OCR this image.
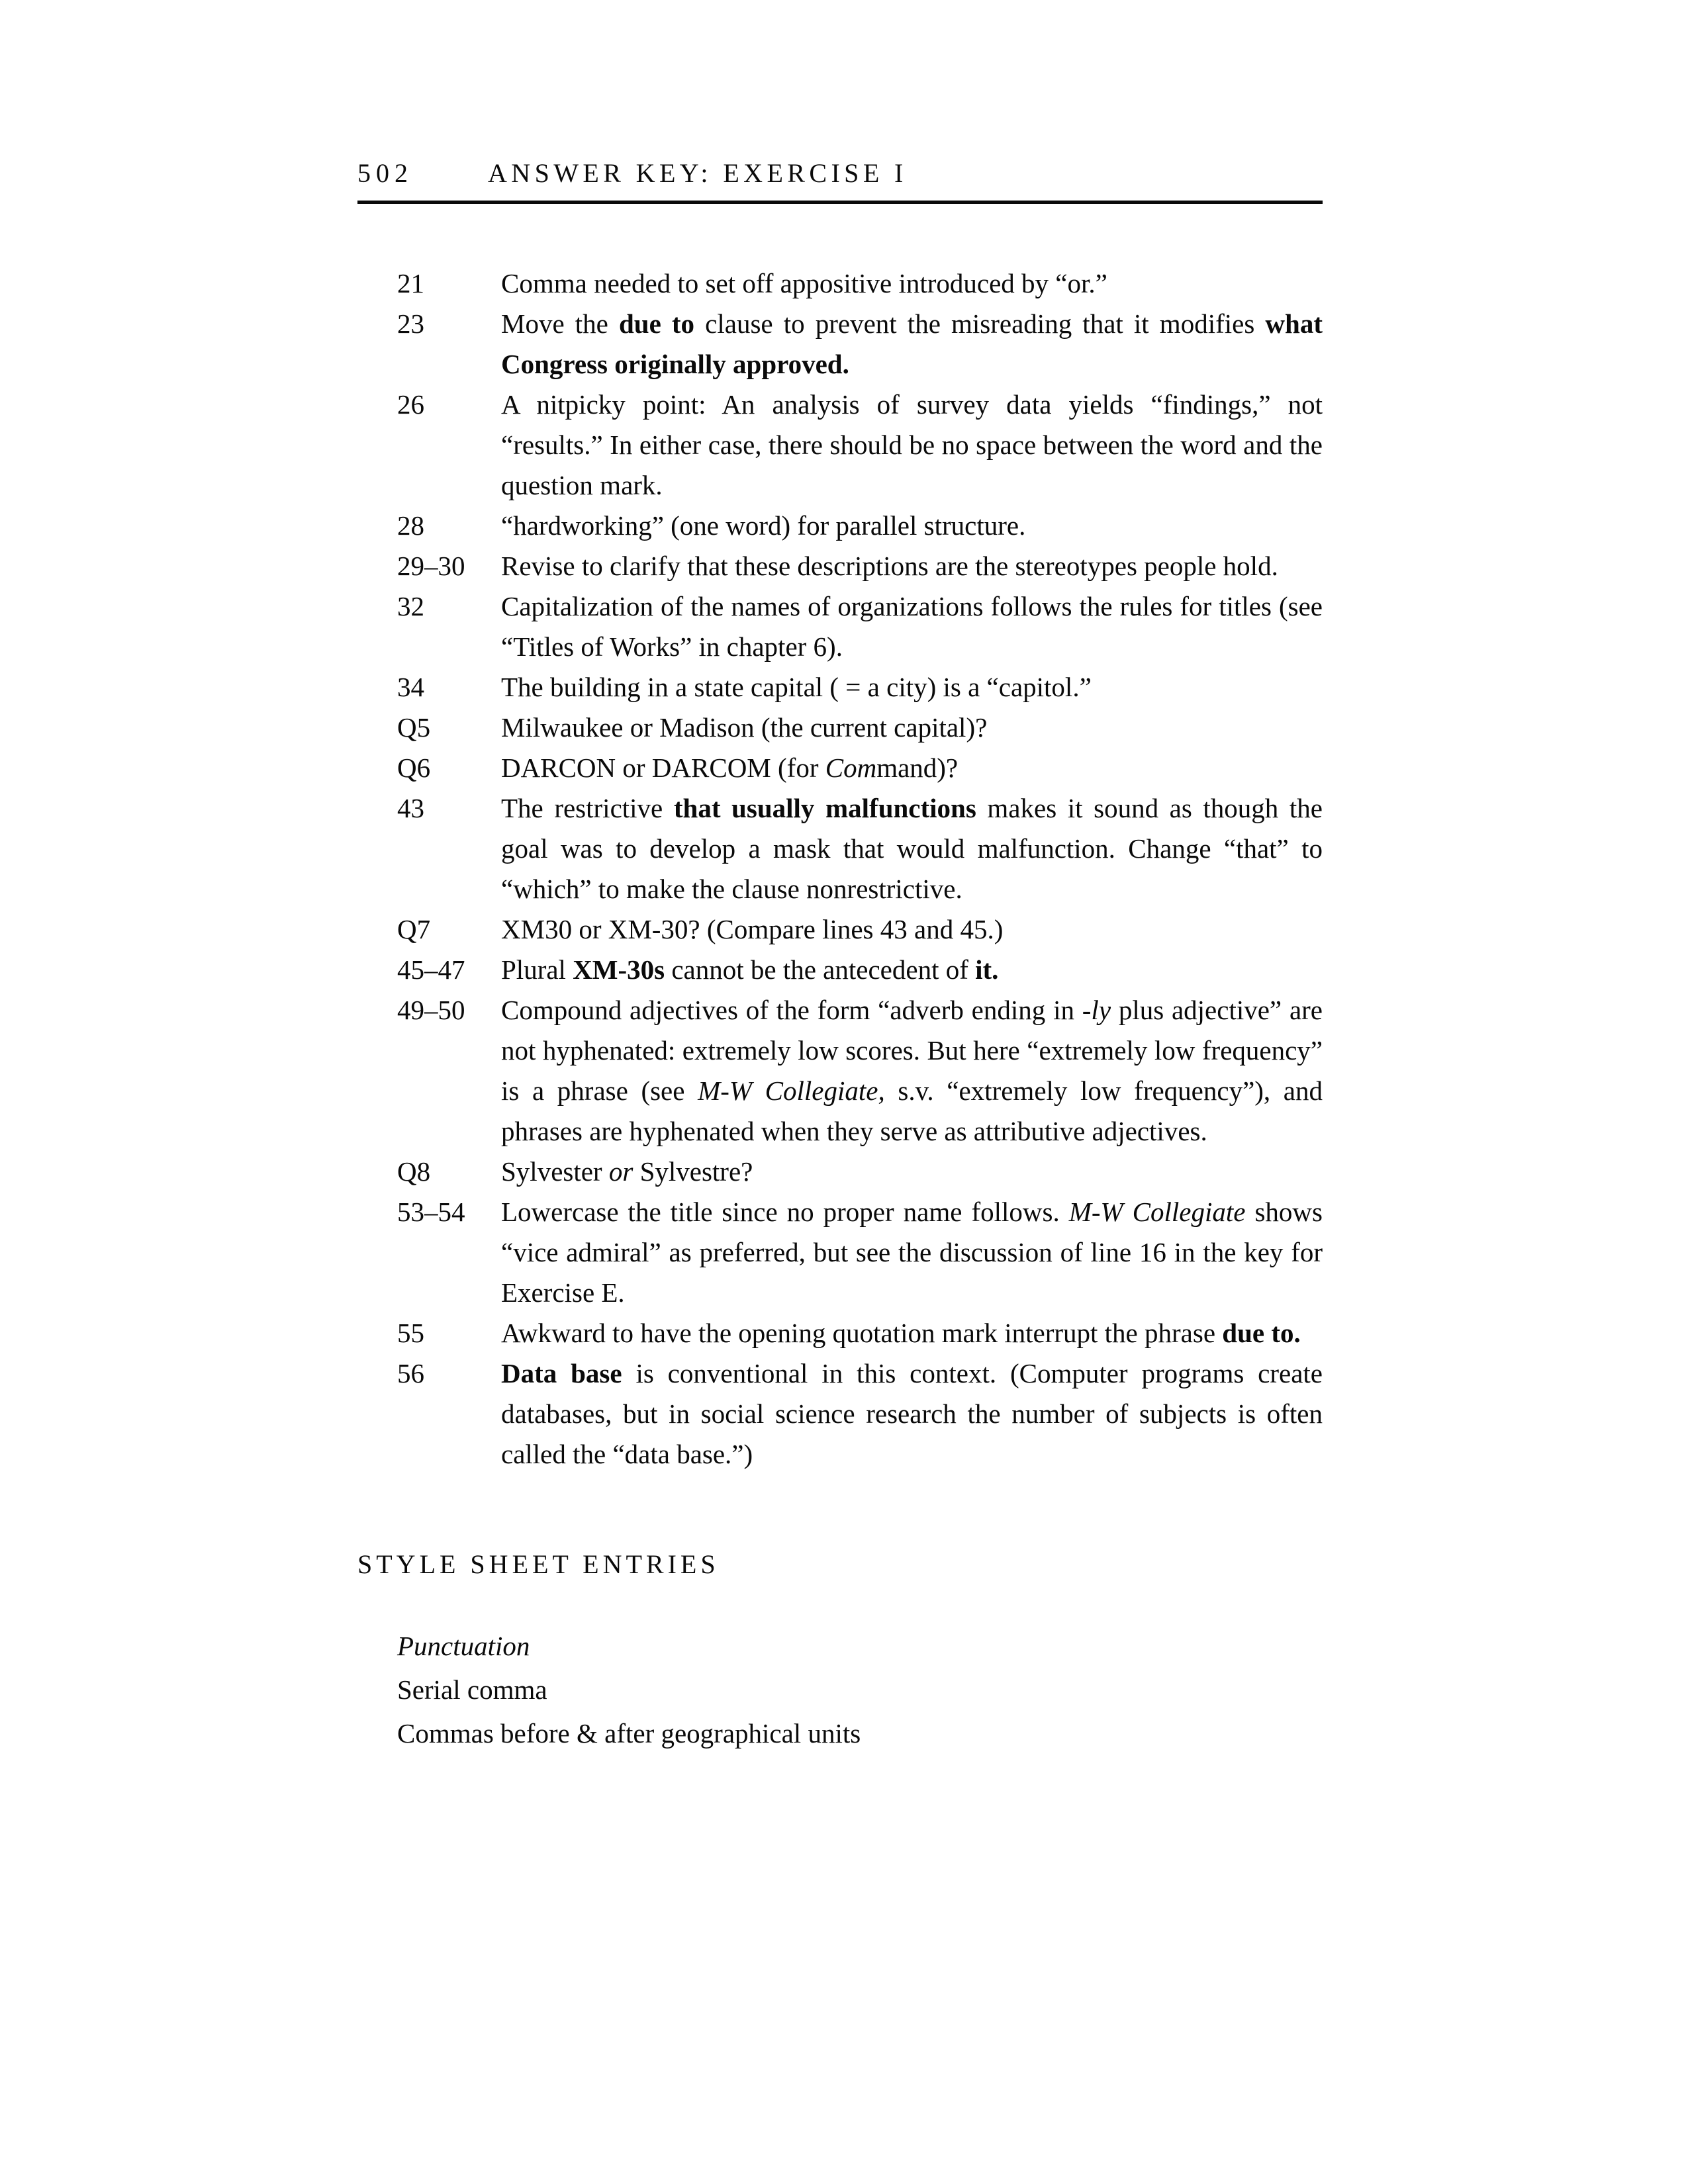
502	ANSWER KEY: EXERCISE I
21	Comma needed to set off appositive introduced by “or.”

23	Move the due to clause to prevent the misreading that it modifies what Congress originally approved.

26	A nitpicky point: An analysis of survey data yields “findings,” not “results.” In either case, there should be no space between the word and the question mark.

28	“hardworking” (one word) for parallel structure.

29–30	Revise to clarify that these descriptions are the stereotypes people hold.

32	Capitalization of the names of organizations follows the rules for titles (see “Titles of Works” in chapter 6).

34	The building in a state capital ( = a city) is a “capitol.”

Q5	Milwaukee or Madison (the current capital)?

Q6	DARCON or DARCOM (for Command)?

43	The restrictive that usually malfunctions makes it sound as though the goal was to develop a mask that would malfunction. Change “that” to “which” to make the clause nonrestrictive.

Q7	XM30 or XM-30? (Compare lines 43 and 45.)

45–47	Plural XM-30s cannot be the antecedent of it.

49–50	Compound adjectives of the form “adverb ending in -ly plus adjective” are not hyphenated: extremely low scores. But here “extremely low frequency” is a phrase (see M-W Collegiate, s.v. “extremely low frequency”), and phrases are hyphenated when they serve as attributive adjectives.

Q8	Sylvester or Sylvestre?

53–54	Lowercase the title since no proper name follows. M-W Collegiate shows “vice admiral” as preferred, but see the discussion of line 16 in the key for Exercise E.

55	Awkward to have the opening quotation mark interrupt the phrase due to.

56	Data base is conventional in this context. (Computer programs create databases, but in social science research the number of subjects is often called the “data base.”)

STYLE SHEET ENTRIES
Punctuation
Serial comma
Commas before & after geographical units
